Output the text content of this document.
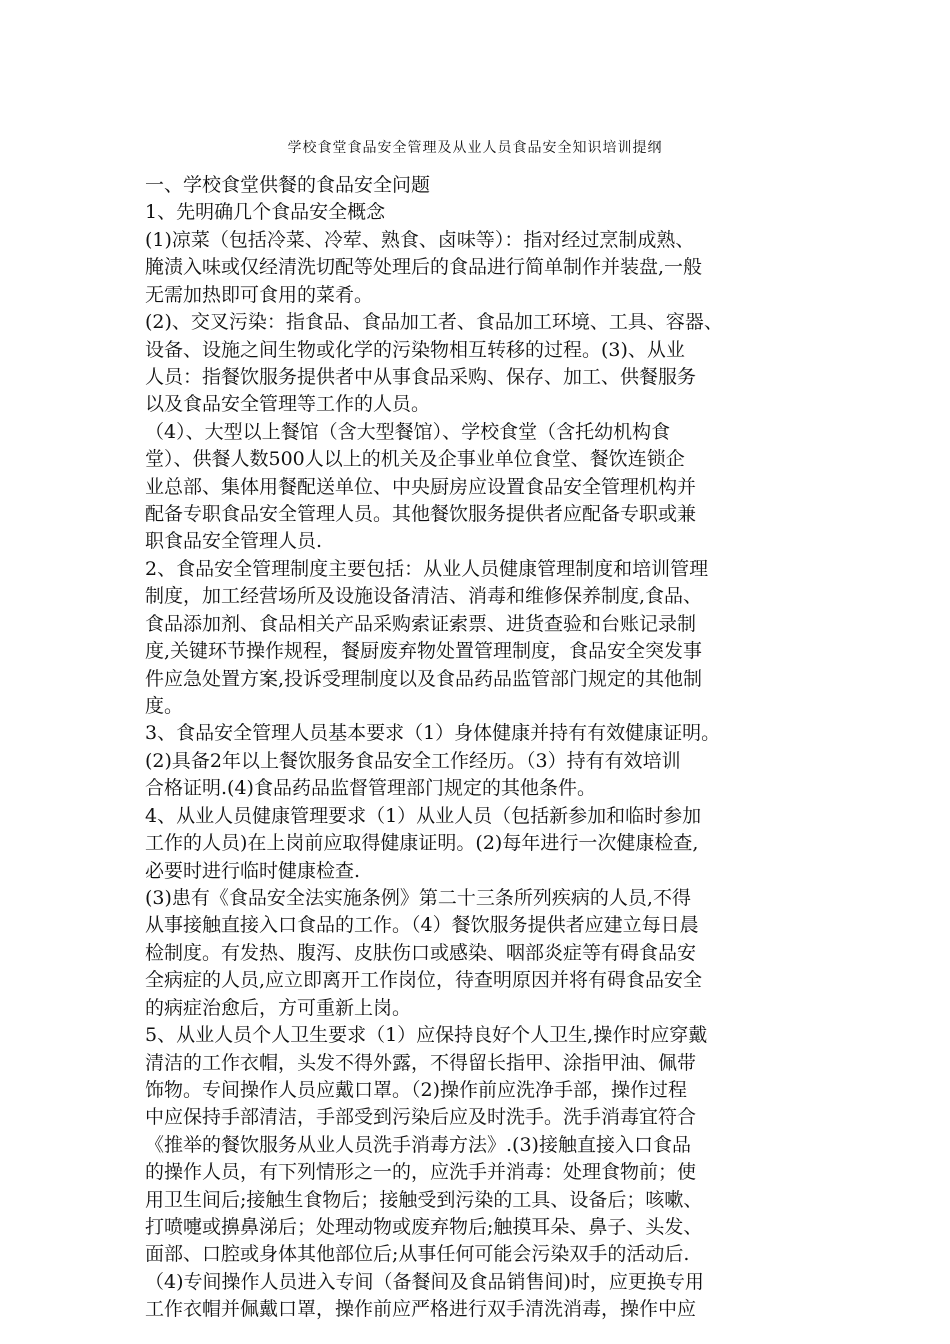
学校食堂食品安全管理及从业人员食品安全知识培训提纲
一、学校食堂供餐的食品安全问题
1、先明确几个食品安全概念
(1)凉菜（包括冷菜、冷荤、熟食、卤味等）：指对经过烹制成熟、
腌渍入味或仅经清洗切配等处理后的食品进行简单制作并装盘,一般
无需加热即可食用的菜肴。
(2)、交叉污染：指食品、食品加工者、食品加工环境、工具、容器、
设备、设施之间生物或化学的污染物相互转移的过程。(3)、从业
人员：指餐饮服务提供者中从事食品采购、保存、加工、供餐服务
以及食品安全管理等工作的人员。
（4）、大型以上餐馆（含大型餐馆）、学校食堂（含托幼机构食
堂）、供餐人数500人以上的机关及企事业单位食堂、餐饮连锁企
业总部、集体用餐配送单位、中央厨房应设置食品安全管理机构并
配备专职食品安全管理人员。其他餐饮服务提供者应配备专职或兼
职食品安全管理人员.
2、食品安全管理制度主要包括：从业人员健康管理制度和培训管理
制度，加工经营场所及设施设备清洁、消毒和维修保养制度,食品、
食品添加剂、食品相关产品采购索证索票、进货查验和台账记录制
度,关键环节操作规程，餐厨废弃物处置管理制度，食品安全突发事
件应急处置方案,投诉受理制度以及食品药品监管部门规定的其他制
度。
3、食品安全管理人员基本要求（1）身体健康并持有有效健康证明。
(2)具备2年以上餐饮服务食品安全工作经历。（3）持有有效培训
合格证明.(4)食品药品监督管理部门规定的其他条件。
4、从业人员健康管理要求（1）从业人员（包括新参加和临时参加
工作的人员)在上岗前应取得健康证明。(2)每年进行一次健康检查,
必要时进行临时健康检查.
(3)患有《食品安全法实施条例》第二十三条所列疾病的人员,不得
从事接触直接入口食品的工作。（4）餐饮服务提供者应建立每日晨
检制度。有发热、腹泻、皮肤伤口或感染、咽部炎症等有碍食品安
全病症的人员,应立即离开工作岗位，待查明原因并将有碍食品安全
的病症治愈后，方可重新上岗。
5、从业人员个人卫生要求（1）应保持良好个人卫生,操作时应穿戴
清洁的工作衣帽，头发不得外露，不得留长指甲、涂指甲油、佩带
饰物。专间操作人员应戴口罩。（2)操作前应洗净手部，操作过程
中应保持手部清洁，手部受到污染后应及时洗手。洗手消毒宜符合
《推举的餐饮服务从业人员洗手消毒方法》.(3)接触直接入口食品
的操作人员，有下列情形之一的，应洗手并消毒：处理食物前；使
用卫生间后;接触生食物后；接触受到污染的工具、设备后；咳嗽、
打喷嚏或擤鼻涕后；处理动物或废弃物后;触摸耳朵、鼻子、头发、
面部、口腔或身体其他部位后;从事任何可能会污染双手的活动后.
（4)专间操作人员进入专间（备餐间及食品销售间)时，应更换专用
工作衣帽并佩戴口罩，操作前应严格进行双手清洗消毒，操作中应
